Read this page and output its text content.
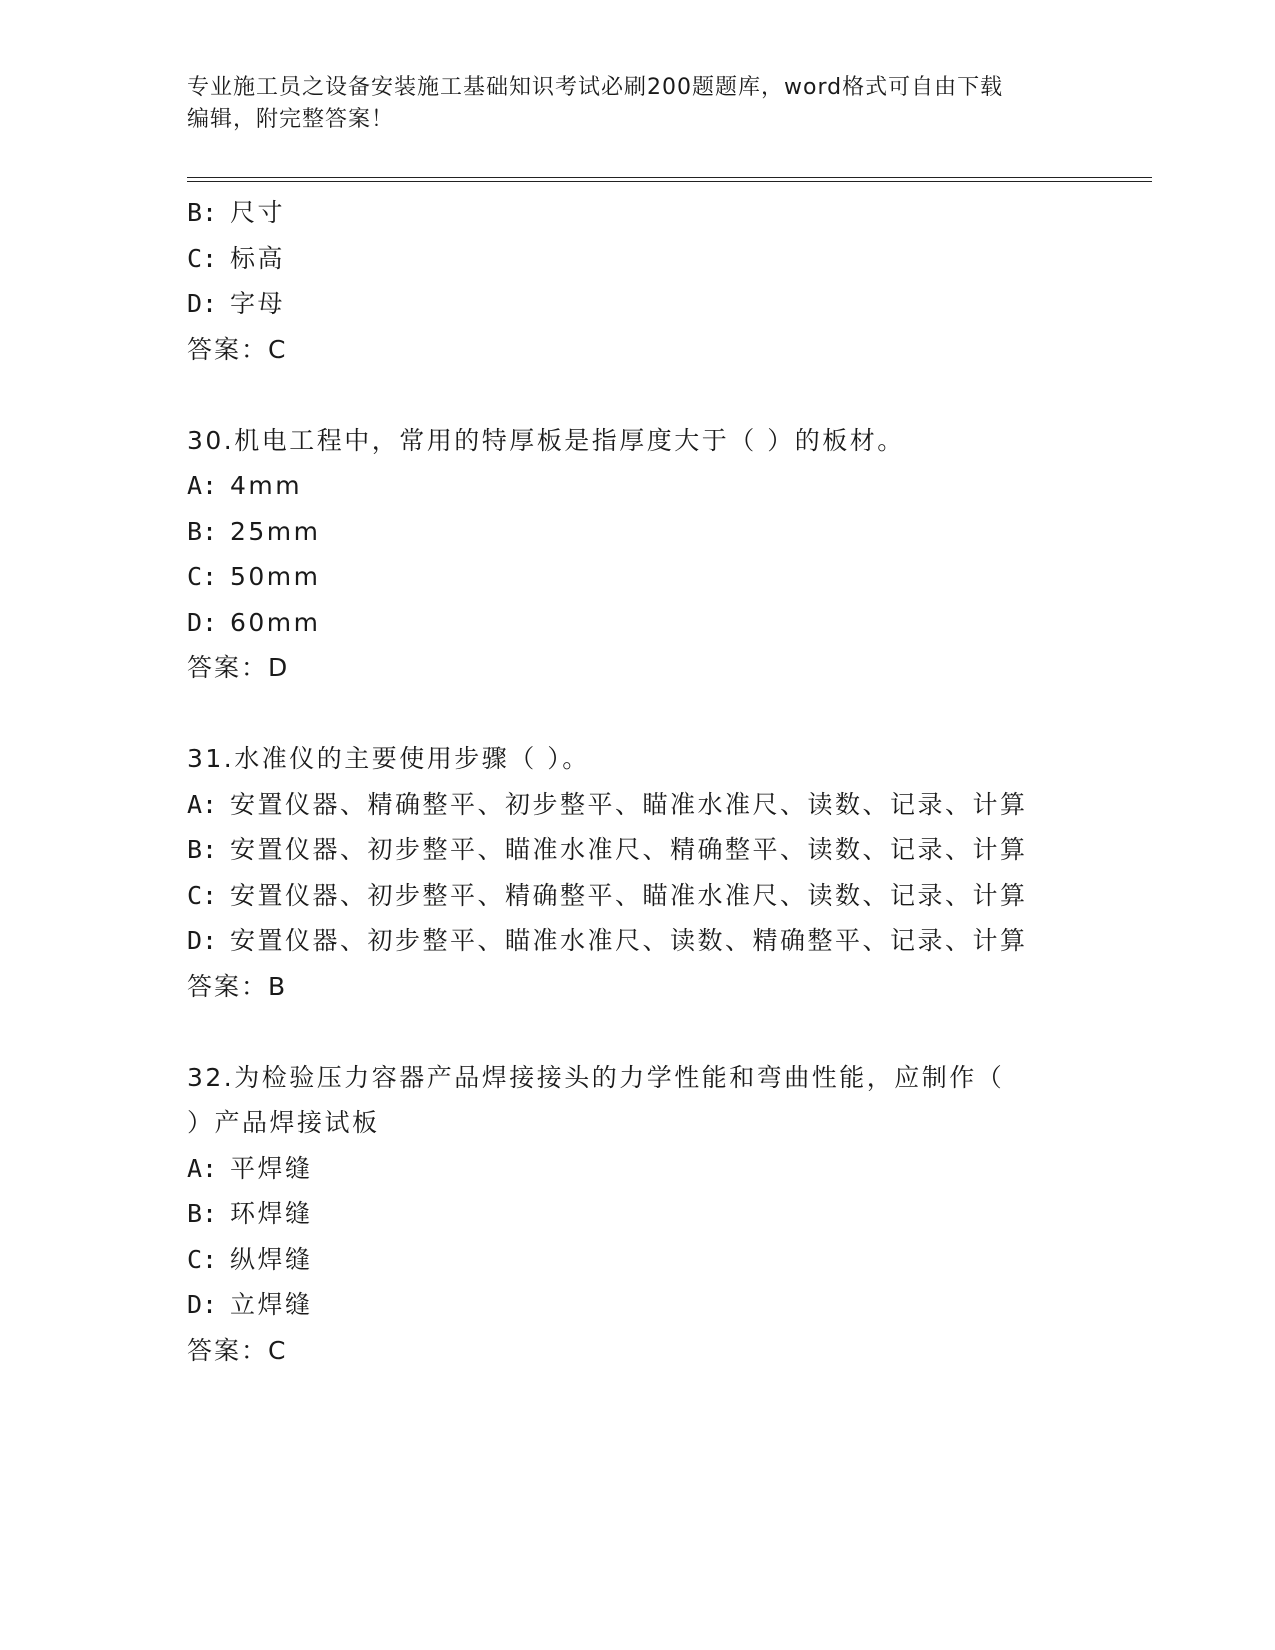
专业施工员之设备安装施工基础知识考试必刷200题题库，word格式可自由下载
编辑，附完整答案！
B: 尺寸
C: 标高
D: 字母
答案：C
30.机电工程中，常用的特厚板是指厚度大于（ ）的板材。
A: 4mm
B: 25mm
C: 50mm
D: 60mm
答案：D
31.水准仪的主要使用步骤（ ）。
A: 安置仪器、精确整平、初步整平、瞄准水准尺、读数、记录、计算
B: 安置仪器、初步整平、瞄准水准尺、精确整平、读数、记录、计算
C: 安置仪器、初步整平、精确整平、瞄准水准尺、读数、记录、计算
D: 安置仪器、初步整平、瞄准水准尺、读数、精确整平、记录、计算
答案：B
32.为检验压力容器产品焊接接头的力学性能和弯曲性能，应制作（
）产品焊接试板
A: 平焊缝
B: 环焊缝
C: 纵焊缝
D: 立焊缝
答案：C
